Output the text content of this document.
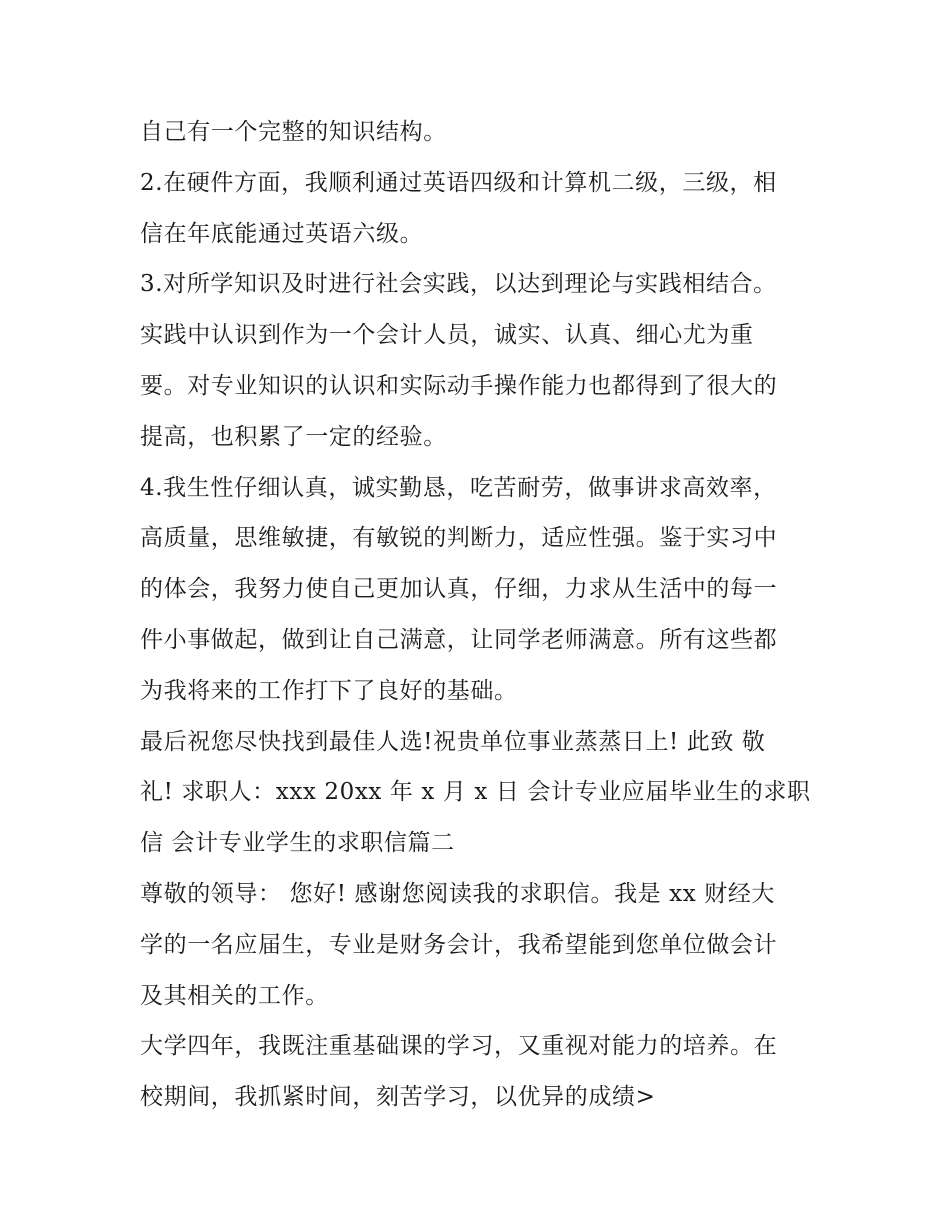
自己有一个完整的知识结构。
2.在硬件方面，我顺利通过英语四级和计算机二级，三级，相
信在年底能通过英语六级。
3.对所学知识及时进行社会实践，以达到理论与实践相结合。
实践中认识到作为一个会计人员，诚实、认真、细心尤为重
要。对专业知识的认识和实际动手操作能力也都得到了很大的
提高，也积累了一定的经验。
4.我生性仔细认真，诚实勤恳，吃苦耐劳，做事讲求高效率，
高质量，思维敏捷，有敏锐的判断力，适应性强。鉴于实习中
的体会，我努力使自己更加认真，仔细，力求从生活中的每一
件小事做起，做到让自己满意，让同学老师满意。所有这些都
为我将来的工作打下了良好的基础。
最后祝您尽快找到最佳人选!祝贵单位事业蒸蒸日上! 此致 敬
礼! 求职人：xxx 20xx 年 x 月 x 日 会计专业应届毕业生的求职
信 会计专业学生的求职信篇二
尊敬的领导： 您好! 感谢您阅读我的求职信。我是 xx 财经大
学的一名应届生，专业是财务会计，我希望能到您单位做会计
及其相关的工作。
大学四年，我既注重基础课的学习，又重视对能力的培养。在
校期间，我抓紧时间，刻苦学习，以优异的成绩>
